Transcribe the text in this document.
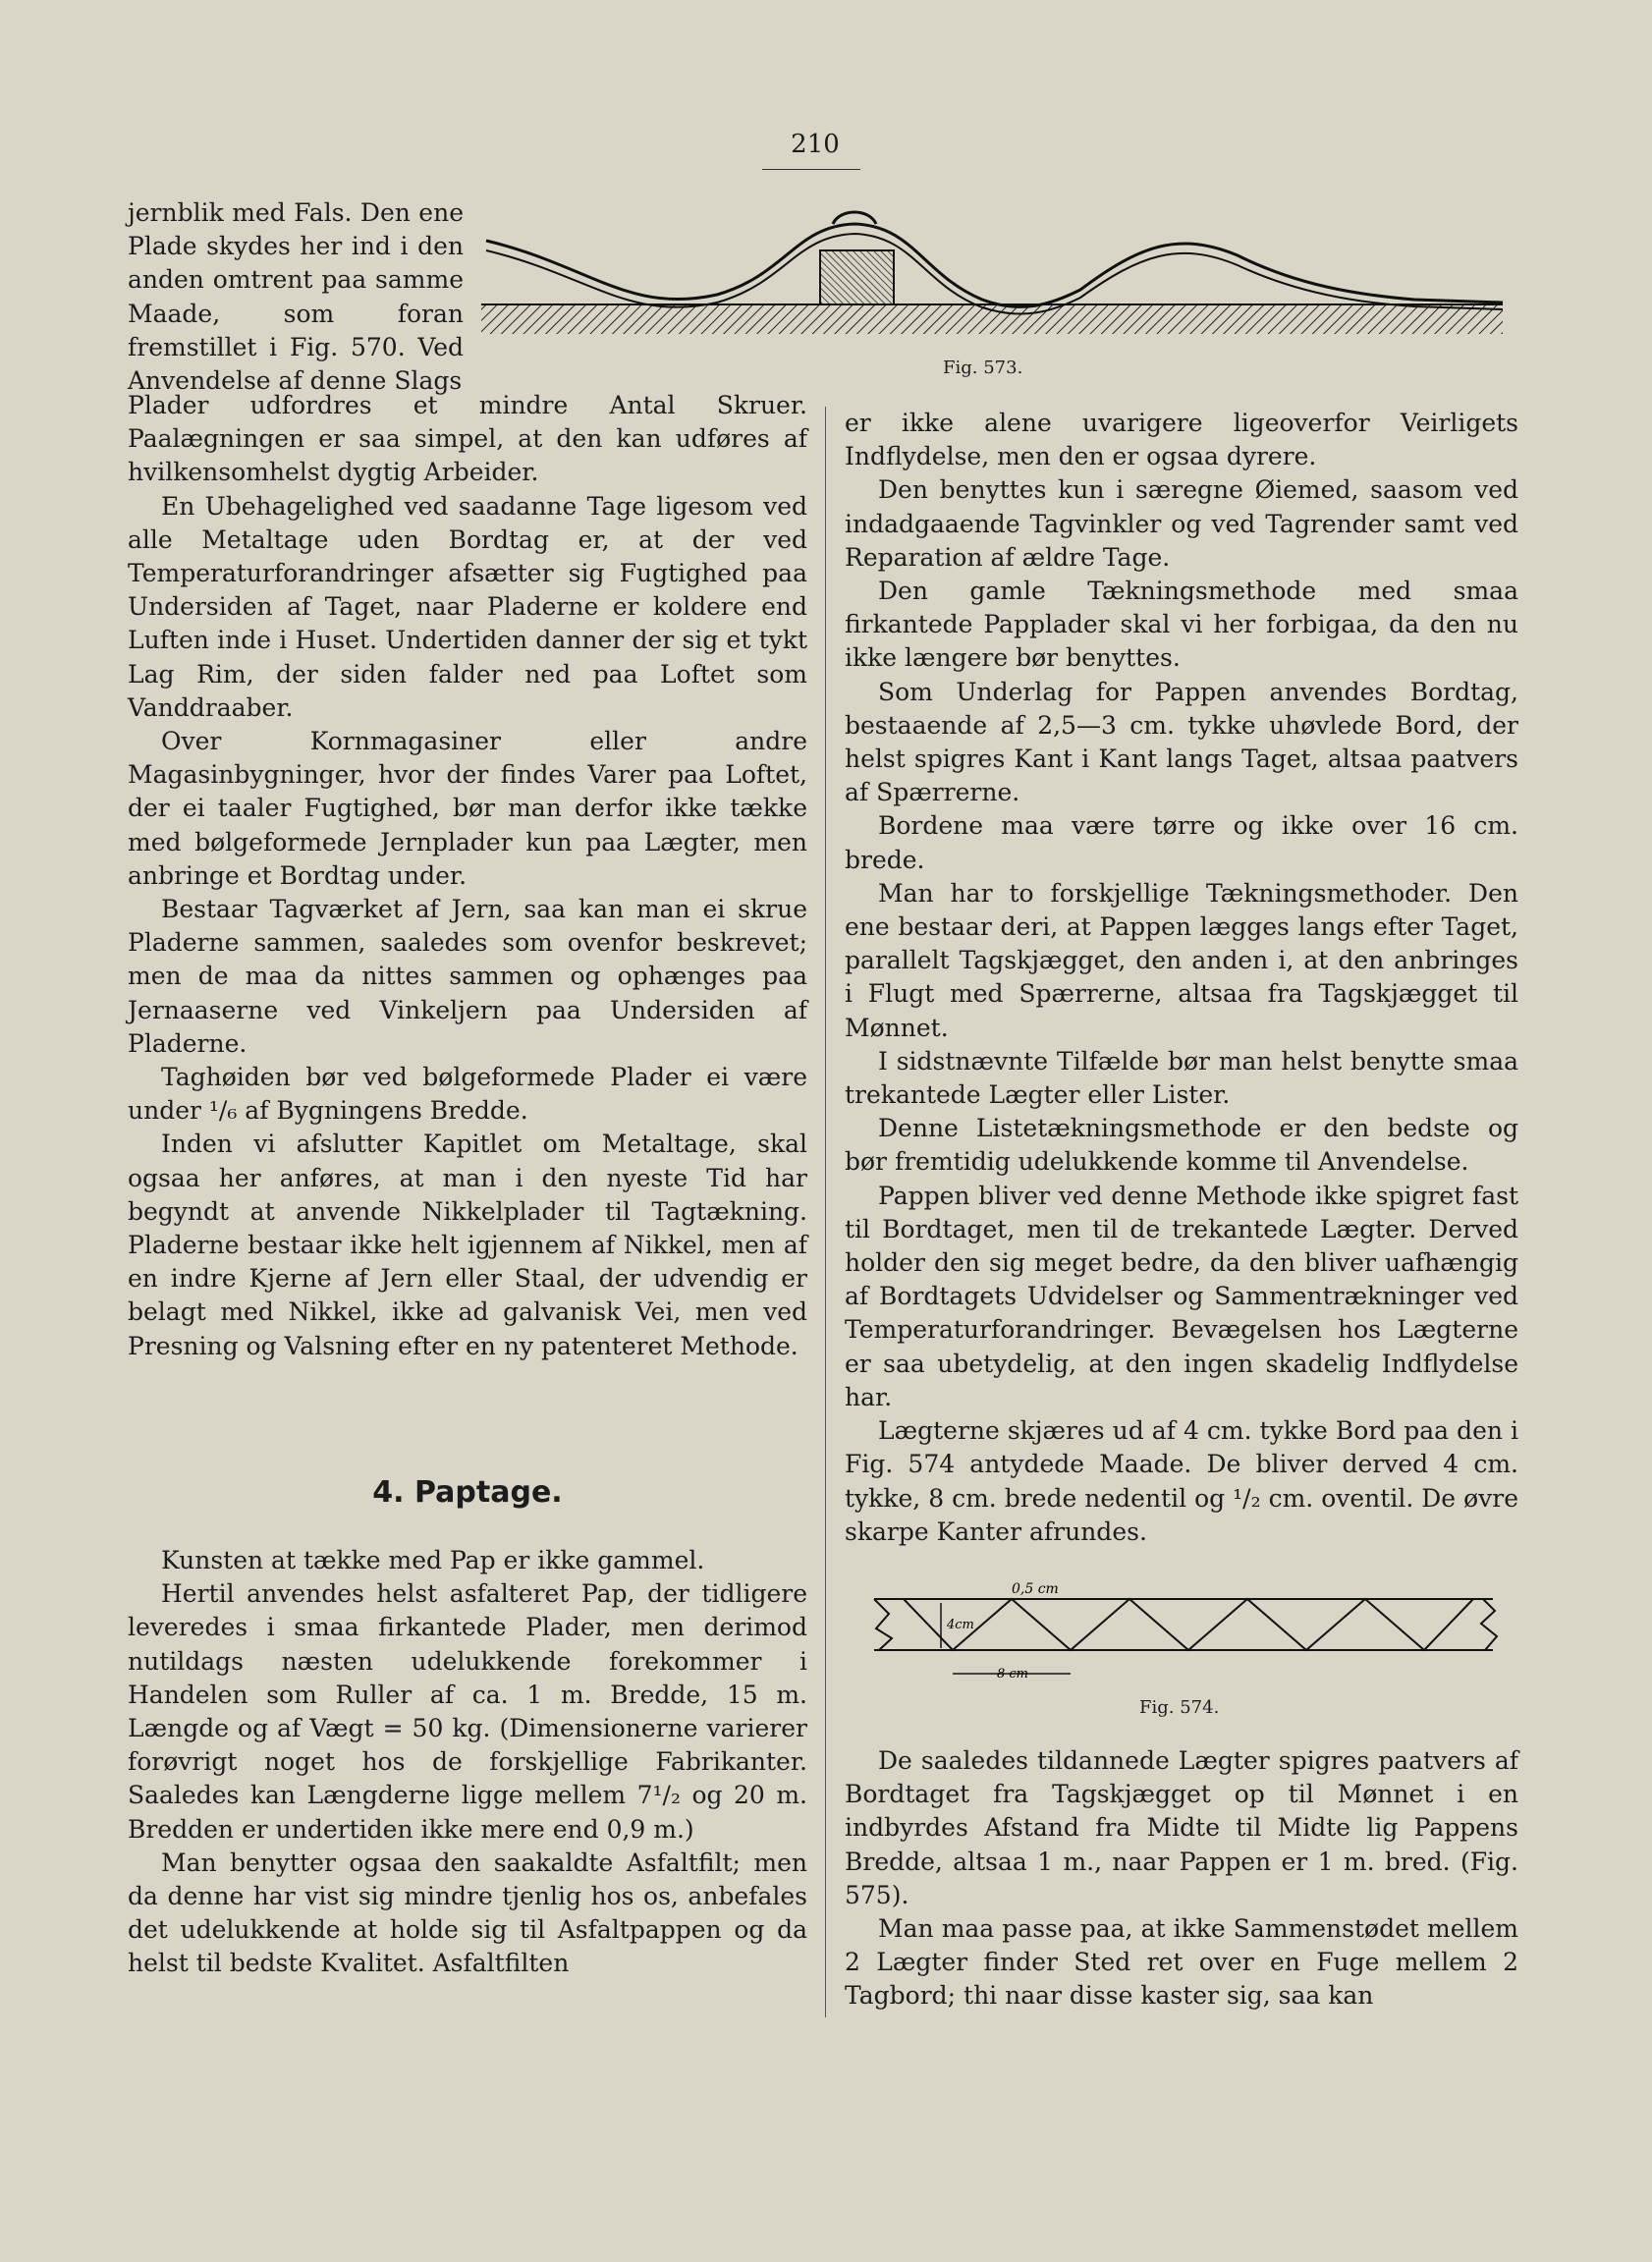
210

jernblik med Fals. Den ene Plade skydes her ind i den anden omtrent paa samme Maade, som foran fremstillet i Fig. 570. Ved Anvendelse af denne Slags	Fig. 573.

Plader udfordres et mindre Antal Skruer. Paalægningen er saa simpel, at den kan udføres af hvilkensomhelst dygtig Arbeider.

En Ubehagelighed ved saadanne Tage ligesom ved alle Metaltage uden Bordtag er, at der ved Temperaturforandringer afsætter sig Fugtighed paa Undersiden af Taget, naar Pladerne er koldere end Luften inde i Huset. Undertiden danner der sig et tykt Lag Rim, der siden falder ned paa Loftet som Vanddraaber.

Over Kornmagasiner eller andre Magasinbygninger, hvor der findes Varer paa Loftet, der ei taaler Fugtighed, bør man derfor ikke tække med bølgeformede Jernplader kun paa Lægter, men anbringe et Bordtag under.

Bestaar Tagværket af Jern, saa kan man ei skrue Pladerne sammen, saaledes som ovenfor beskrevet; men de maa da nittes sammen og ophænges paa Jernaaserne ved Vinkeljern paa Undersiden af Pladerne.

Taghøiden bør ved bølgeformede Plader ei være under ¹/₆ af Bygningens Bredde.

Inden vi afslutter Kapitlet om Metaltage, skal ogsaa her anføres, at man i den nyeste Tid har begyndt at anvende Nikkelplader til Tagtækning. Pladerne bestaar ikke helt igjennem af Nikkel, men af en indre Kjerne af Jern eller Staal, der udvendig er belagt med Nikkel, ikke ad galvanisk Vei, men ved Presning og Valsning efter en ny patenteret Methode.

4. Paptage.

Kunsten at tække med Pap er ikke gammel.

Hertil anvendes helst asfalteret Pap, der tidligere leveredes i smaa firkantede Plader, men derimod nutildags næsten udelukkende forekommer i Handelen som Ruller af ca. 1 m. Bredde, 15 m. Længde og af Vægt = 50 kg. (Dimensionerne varierer forøvrigt noget hos de forskjellige Fabrikanter. Saaledes kan Længderne ligge mellem 7¹/₂ og 20 m. Bredden er undertiden ikke mere end 0,9 m.)

Man benytter ogsaa den saakaldte Asfaltfilt; men da denne har vist sig mindre tjenlig hos os, anbefales det udelukkende at holde sig til Asfaltpappen og da helst til bedste Kvalitet. Asfaltfilten

er ikke alene uvarigere ligeoverfor Veirligets Indflydelse, men den er ogsaa dyrere.

Den benyttes kun i særegne Øiemed, saasom ved indadgaaende Tagvinkler og ved Tagrender samt ved Reparation af ældre Tage.

Den gamle Tækningsmethode med smaa firkantede Papplader skal vi her forbigaa, da den nu ikke længere bør benyttes.

Som Underlag for Pappen anvendes Bordtag, bestaaende af 2,5—3 cm. tykke uhøvlede Bord, der helst spigres Kant i Kant langs Taget, altsaa paatvers af Spærrerne.

Bordene maa være tørre og ikke over 16 cm. brede.

Man har to forskjellige Tækningsmethoder. Den ene bestaar deri, at Pappen lægges langs efter Taget, parallelt Tagskjægget, den anden i, at den anbringes i Flugt med Spærrerne, altsaa fra Tagskjægget til Mønnet.

I sidstnævnte Tilfælde bør man helst benytte smaa trekantede Lægter eller Lister.

Denne Listetækningsmethode er den bedste og bør fremtidig udelukkende komme til Anvendelse.

Pappen bliver ved denne Methode ikke spigret fast til Bordtaget, men til de trekantede Lægter. Derved holder den sig meget bedre, da den bliver uafhængig af Bordtagets Udvidelser og Sammentrækninger ved Temperaturforandringer. Bevægelsen hos Lægterne er saa ubetydelig, at den ingen skadelig Indflydelse har.

Lægterne skjæres ud af 4 cm. tykke Bord paa den i Fig. 574 antydede Maade. De bliver derved 4 cm. tykke, 8 cm. brede nedentil og ¹/₂ cm. oventil. De øvre skarpe Kanter afrundes.

0,5 cm
4cm
8 cm
Fig. 574.

De saaledes tildannede Lægter spigres paatvers af Bordtaget fra Tagskjægget op til Mønnet i en indbyrdes Afstand fra Midte til Midte lig Pappens Bredde, altsaa 1 m., naar Pappen er 1 m. bred. (Fig. 575).

Man maa passe paa, at ikke Sammenstødet mellem 2 Lægter finder Sted ret over en Fuge mellem 2 Tagbord; thi naar disse kaster sig, saa kan
